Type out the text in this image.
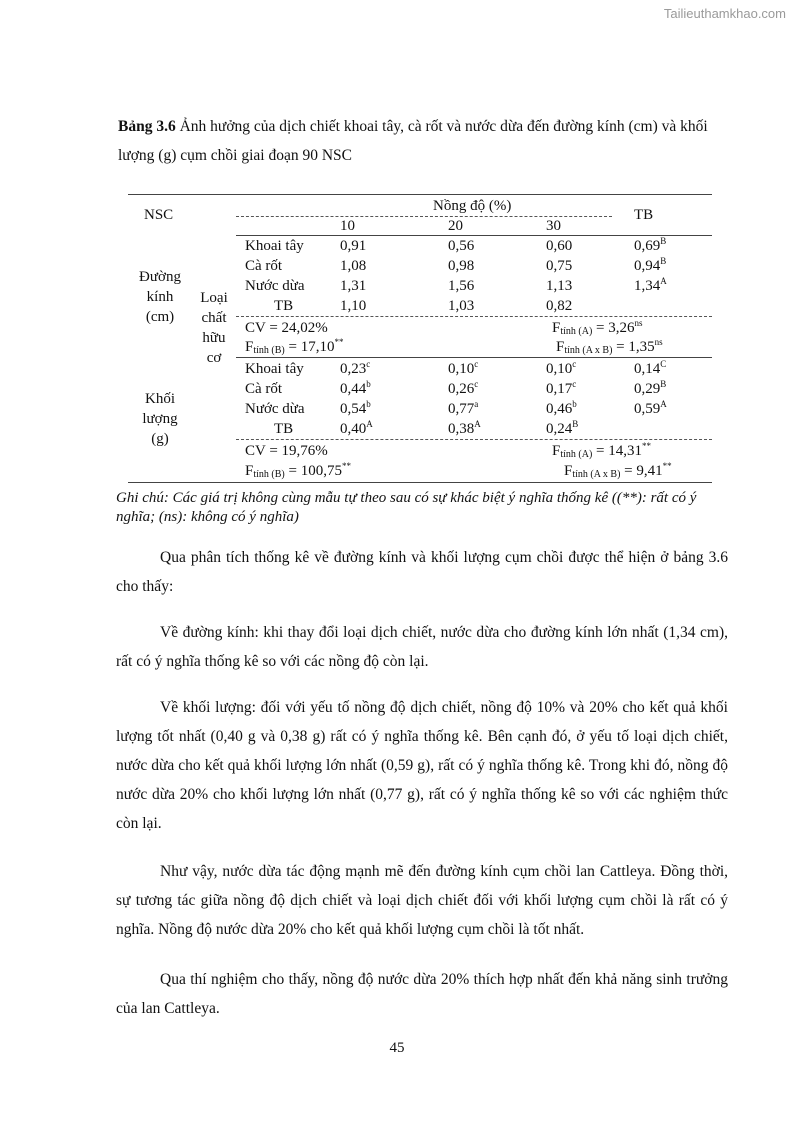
Tailieuthamkhao.com
Bảng 3.6 Ảnh hưởng của dịch chiết khoai tây, cà rốt và nước dừa đến đường kính (cm) và khối lượng (g) cụm chồi giai đoạn 90 NSC
NSC
Nồng độ (%)
10	20	30
TB
Đường
kính
(cm)
Loại
chất
hữu
cơ
Khối
lượng
(g)
Khoai tây 0,91	0,56	0,60	$0,69^B$
Cà rốt	1,08	0,98	0,75	$0,94^B$
Nước dừa 1,31	1,56	1,13	$1,34^A$
TB	1,10	1,03	0,82
CV = 24,02%	$F_{tính (A)} = 3,26^{ns}$
$F_{tính (B)} = 17,10^{**}$	$F_{tính (A x B)} = 1,35^{ns}$
Khoai tây 0,23$^c$	0,10$^c$	0,10$^c$	$0,14^C$
Cà rốt	0,44$^b$	0,26$^c$	0,17$^c$	$0,29^B$
Nước dừa 0,54$^b$	0,77$^a$	0,46$^b$	$0,59^A$
TB	$0,40^A$	$0,38^A$	$0,24^B$
CV = 19,76%	$F_{tính (A)} = 14,31^{**}$
$F_{tính (B)} = 100,75^{**}$	$F_{tính (A x B)} = 9,41^{**}$
Ghi chú: Các giá trị không cùng mẫu tự theo sau có sự khác biệt ý nghĩa thống kê ((**): rất có ý nghĩa; (ns): không có ý nghĩa)
Qua phân tích thống kê về đường kính và khối lượng cụm chồi được thể hiện ở bảng 3.6 cho thấy:
Về đường kính: khi thay đổi loại dịch chiết, nước dừa cho đường kính lớn nhất (1,34 cm), rất có ý nghĩa thống kê so với các nồng độ còn lại.
Về khối lượng: đối với yếu tố nồng độ dịch chiết, nồng độ 10% và 20% cho kết quả khối lượng tốt nhất (0,40 g và 0,38 g) rất có ý nghĩa thống kê. Bên cạnh đó, ở yếu tố loại dịch chiết, nước dừa cho kết quả khối lượng lớn nhất (0,59 g), rất có ý nghĩa thống kê. Trong khi đó, nồng độ nước dừa 20% cho khối lượng lớn nhất (0,77 g), rất có ý nghĩa thống kê so với các nghiệm thức còn lại.
Như vậy, nước dừa tác động mạnh mẽ đến đường kính cụm chồi lan Cattleya. Đồng thời, sự tương tác giữa nồng độ dịch chiết và loại dịch chiết đối với khối lượng cụm chồi là rất có ý nghĩa. Nồng độ nước dừa 20% cho kết quả khối lượng cụm chồi là tốt nhất.
Qua thí nghiệm cho thấy, nồng độ nước dừa 20% thích hợp nhất đến khả năng sinh trưởng của lan Cattleya.
45
